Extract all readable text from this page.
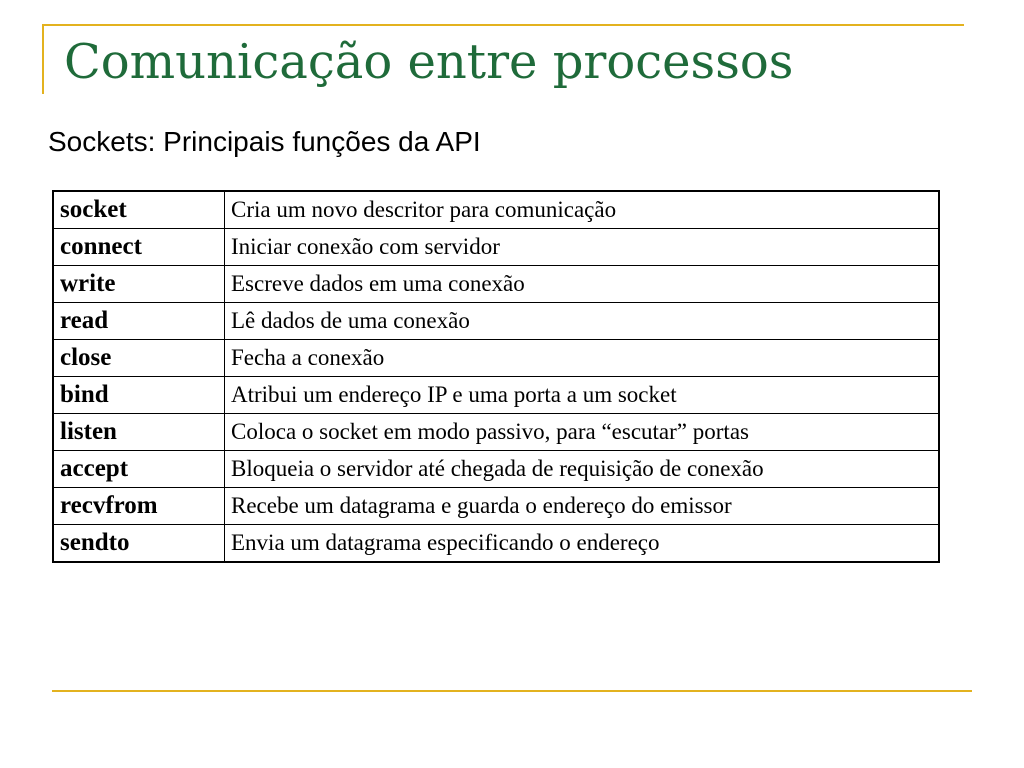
Comunicação entre processos
Sockets: Principais funções da API
socket	Cria um novo descritor para comunicação
connect	Iniciar conexão com servidor
write	Escreve dados em uma conexão
read	Lê dados de uma conexão
close	Fecha a conexão
bind	Atribui um endereço IP e uma porta a um socket
listen	Coloca o socket em modo passivo, para “escutar” portas
accept	Bloqueia o servidor até chegada de requisição de conexão
recvfrom	Recebe um datagrama e guarda o endereço do emissor
sendto	Envia um datagrama especificando o endereço
